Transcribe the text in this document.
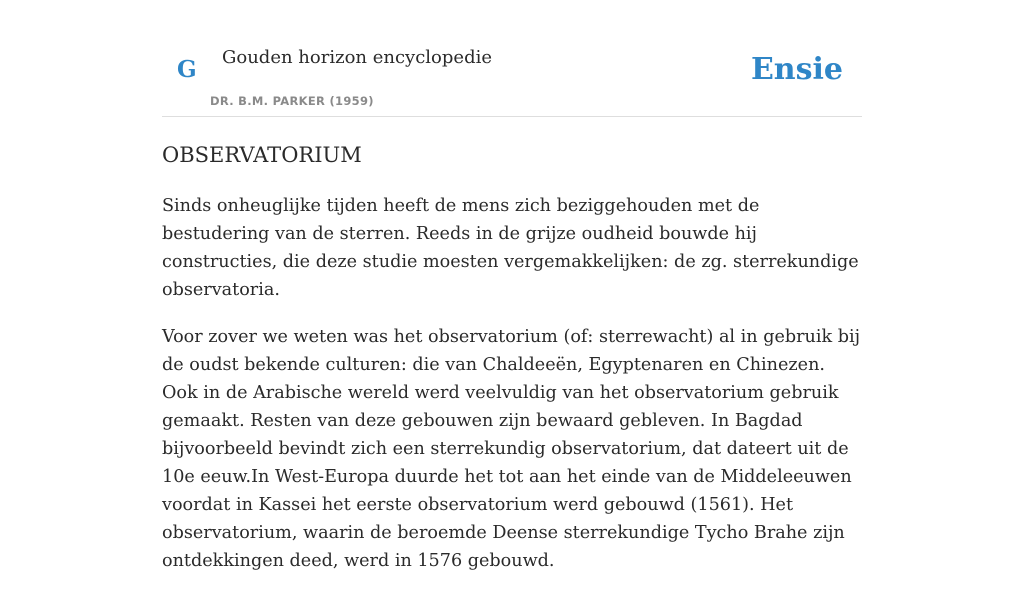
G Gouden horizon encyclopedie
DR. B.M. PARKER (1959)
Ensie
OBSERVATORIUM

Sinds onheuglijke tijden heeft de mens zich beziggehouden met de bestudering van de sterren. Reeds in de grijze oudheid bouwde hij constructies, die deze studie moesten vergemakkelijken: de zg. sterrekundige observatoria.

Voor zover we weten was het observatorium (of: sterrewacht) al in gebruik bij de oudst bekende culturen: die van Chaldeeën, Egyptenaren en Chinezen. Ook in de Arabische wereld werd veelvuldig van het observatorium gebruik gemaakt. Resten van deze gebouwen zijn bewaard gebleven. In Bagdad bijvoorbeeld bevindt zich een sterrekundig observatorium, dat dateert uit de 10e eeuw.In West-Europa duurde het tot aan het einde van de Middeleeuwen voordat in Kassei het eerste observatorium werd gebouwd (1561). Het observatorium, waarin de beroemde Deense sterrekundige Tycho Brahe zijn ontdekkingen deed, werd in 1576 gebouwd.
